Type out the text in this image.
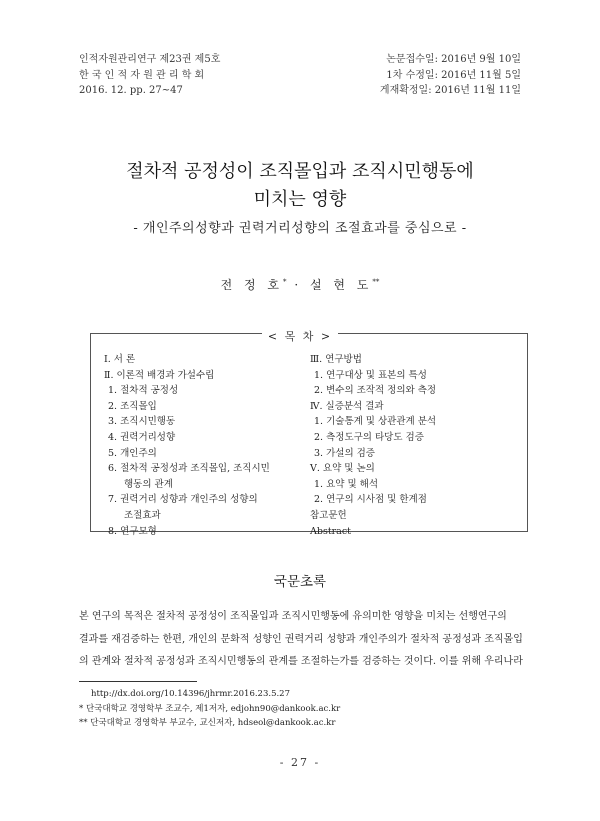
인적자원관리연구 제23권 제5호
한 국 인 적 자 원 관 리 학 회
2016. 12. pp. 27~47
논문접수일: 2016년 9월 10일
1차 수정일: 2016년 11월 5일
게재확정일: 2016년 11월 11일
절차적 공정성이 조직몰입과 조직시민행동에
미치는 영향
- 개인주의성향과 권력거리성향의 조절효과를 중심으로 -
전 정 호* · 설 현 도**
< 목 차 >
Ⅰ. 서 론
Ⅱ. 이론적 배경과 가설수립
1. 절차적 공정성
2. 조직몰입
3. 조직시민행동
4. 권력거리성향
5. 개인주의
6. 절차적 공정성과 조직몰입, 조직시민
행동의 관계
7. 권력거리 성향과 개인주의 성향의
조절효과
8. 연구모형
Ⅲ. 연구방법
1. 연구대상 및 표본의 특성
2. 변수의 조작적 정의와 측정
Ⅳ. 실증분석 결과
1. 기술통계 및 상관관계 분석
2. 측정도구의 타당도 검증
3. 가설의 검증
Ⅴ. 요약 및 논의
1. 요약 및 해석
2. 연구의 시사점 및 한계점
참고문헌
Abstract
국문초록
본 연구의 목적은 절차적 공정성이 조직몰입과 조직시민행동에 유의미한 영향을 미치는 선행연구의
결과를 재검증하는 한편, 개인의 문화적 성향인 권력거리 성향과 개인주의가 절차적 공정성과 조직몰입
의 관계와 절차적 공정성과 조직시민행동의 관계를 조절하는가를 검증하는 것이다. 이를 위해 우리나라
http://dx.doi.org/10.14396/jhrmr.2016.23.5.27
* 단국대학교 경영학부 조교수, 제1저자, edjohn90@dankook.ac.kr
** 단국대학교 경영학부 부교수, 교신저자, hdseol@dankook.ac.kr
- 27 -
